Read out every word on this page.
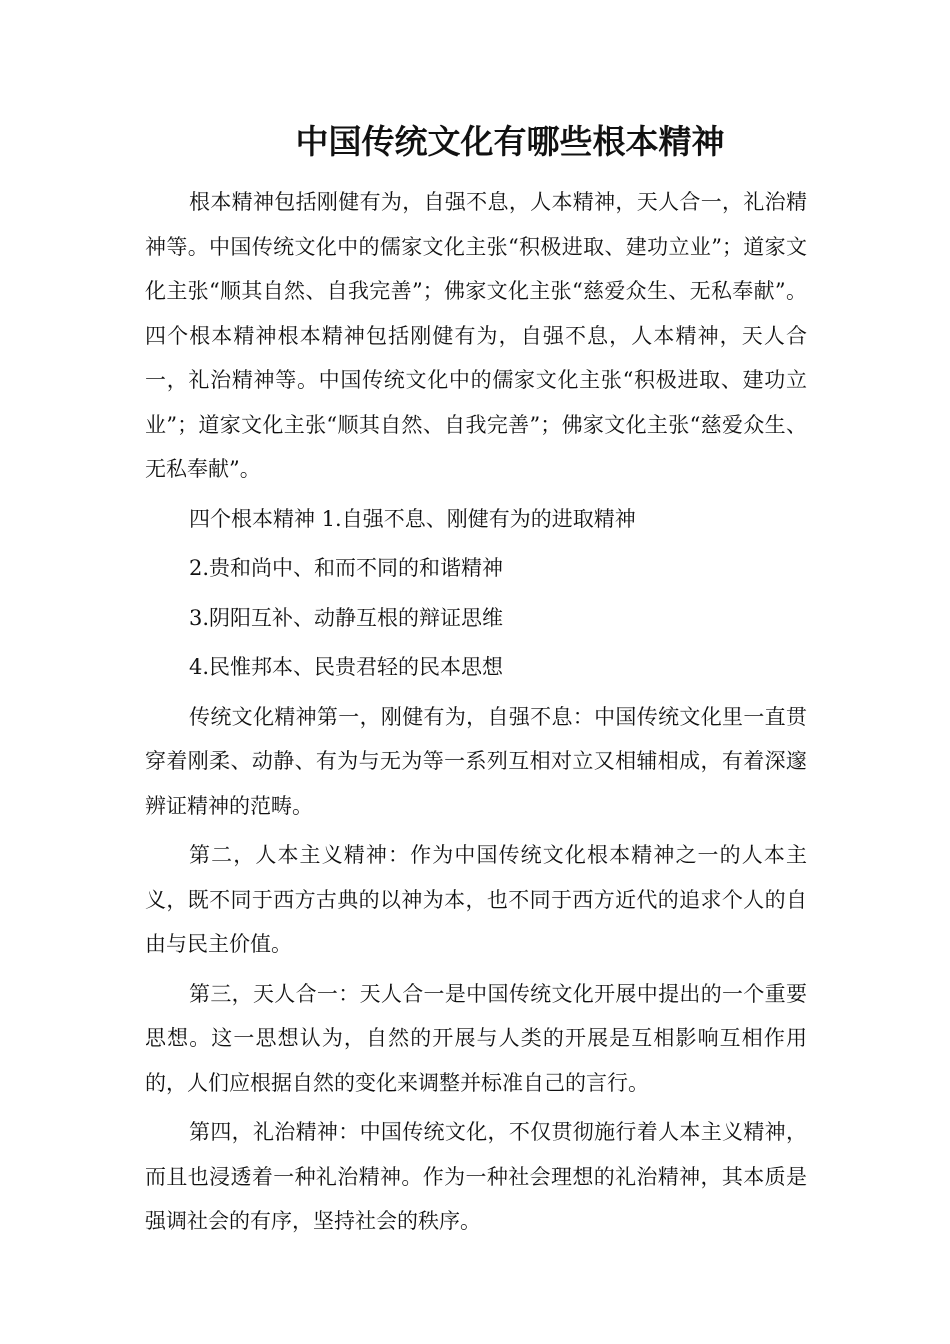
中国传统文化有哪些根本精神

根本精神包括刚健有为，自强不息，人本精神，天人合一，礼治精神等。中国传统文化中的儒家文化主张“积极进取、建功立业”；道家文化主张“顺其自然、自我完善”；佛家文化主张“慈爱众生、无私奉献”。四个根本精神根本精神包括刚健有为，自强不息，人本精神，天人合一，礼治精神等。中国传统文化中的儒家文化主张“积极进取、建功立业”；道家文化主张“顺其自然、自我完善”；佛家文化主张“慈爱众生、无私奉献”。

四个根本精神 1.自强不息、刚健有为的进取精神

2.贵和尚中、和而不同的和谐精神

3.阴阳互补、动静互根的辩证思维

4.民惟邦本、民贵君轻的民本思想

传统文化精神第一，刚健有为，自强不息：中国传统文化里一直贯穿着刚柔、动静、有为与无为等一系列互相对立又相辅相成，有着深邃辨证精神的范畴。

第二，人本主义精神：作为中国传统文化根本精神之一的人本主义，既不同于西方古典的以神为本，也不同于西方近代的追求个人的自由与民主价值。

第三，天人合一：天人合一是中国传统文化开展中提出的一个重要思想。这一思想认为，自然的开展与人类的开展是互相影响互相作用的，人们应根据自然的变化来调整并标准自己的言行。

第四，礼治精神：中国传统文化，不仅贯彻施行着人本主义精神，而且也浸透着一种礼治精神。作为一种社会理想的礼治精神，其本质是强调社会的有序，坚持社会的秩序。
